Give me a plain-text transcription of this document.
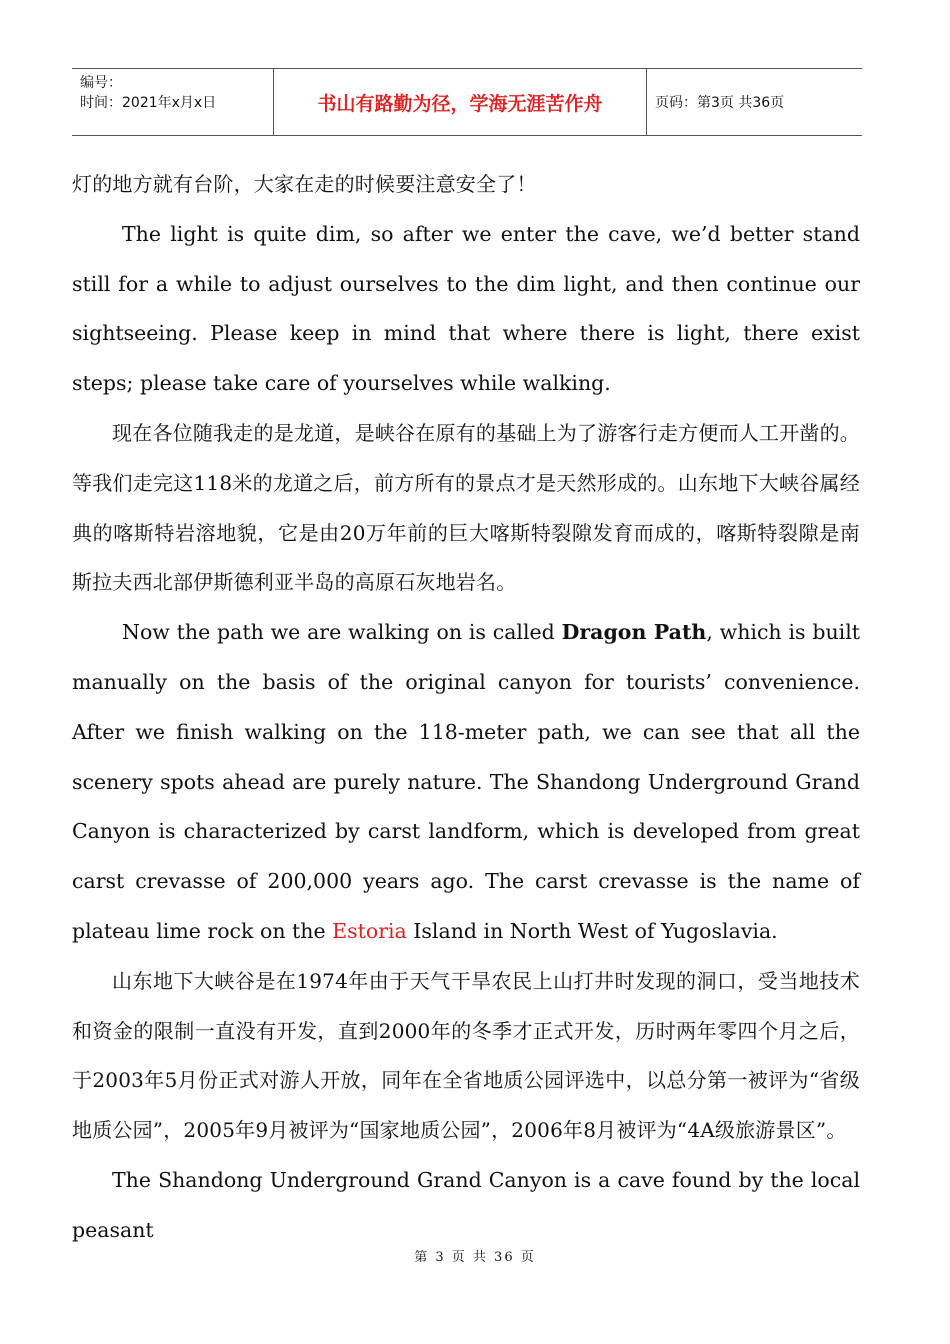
编号：
时间：2021年x月x日	书山有路勤为径，学海无涯苦作舟	页码：第3页 共36页

灯的地方就有台阶，大家在走的时候要注意安全了！

The light is quite dim, so after we enter the cave, we’d better stand still for a while to adjust ourselves to the dim light, and then continue our sightseeing. Please keep in mind that where there is light, there exist steps; please take care of yourselves while walking.

现在各位随我走的是龙道，是峡谷在原有的基础上为了游客行走方便而人工开凿的。等我们走完这118米的龙道之后，前方所有的景点才是天然形成的。山东地下大峡谷属经典的喀斯特岩溶地貌，它是由20万年前的巨大喀斯特裂隙发育而成的，喀斯特裂隙是南斯拉夫西北部伊斯德利亚半岛的高原石灰地岩名。

Now the path we are walking on is called Dragon Path, which is built manually on the basis of the original canyon for tourists’ convenience. After we finish walking on the 118-meter path, we can see that all the scenery spots ahead are purely nature. The Shandong Underground Grand Canyon is characterized by carst landform, which is developed from great carst crevasse of 200,000 years ago. The carst crevasse is the name of plateau lime rock on the Estoria Island in North West of Yugoslavia.

山东地下大峡谷是在1974年由于天气干旱农民上山打井时发现的洞口，受当地技术和资金的限制一直没有开发，直到2000年的冬季才正式开发，历时两年零四个月之后，于2003年5月份正式对游人开放，同年在全省地质公园评选中，以总分第一被评为“省级地质公园”，2005年9月被评为“国家地质公园”，2006年8月被评为“4A级旅游景区”。

The Shandong Underground Grand Canyon is a cave found by the local peasant

第 3 页 共 36 页
